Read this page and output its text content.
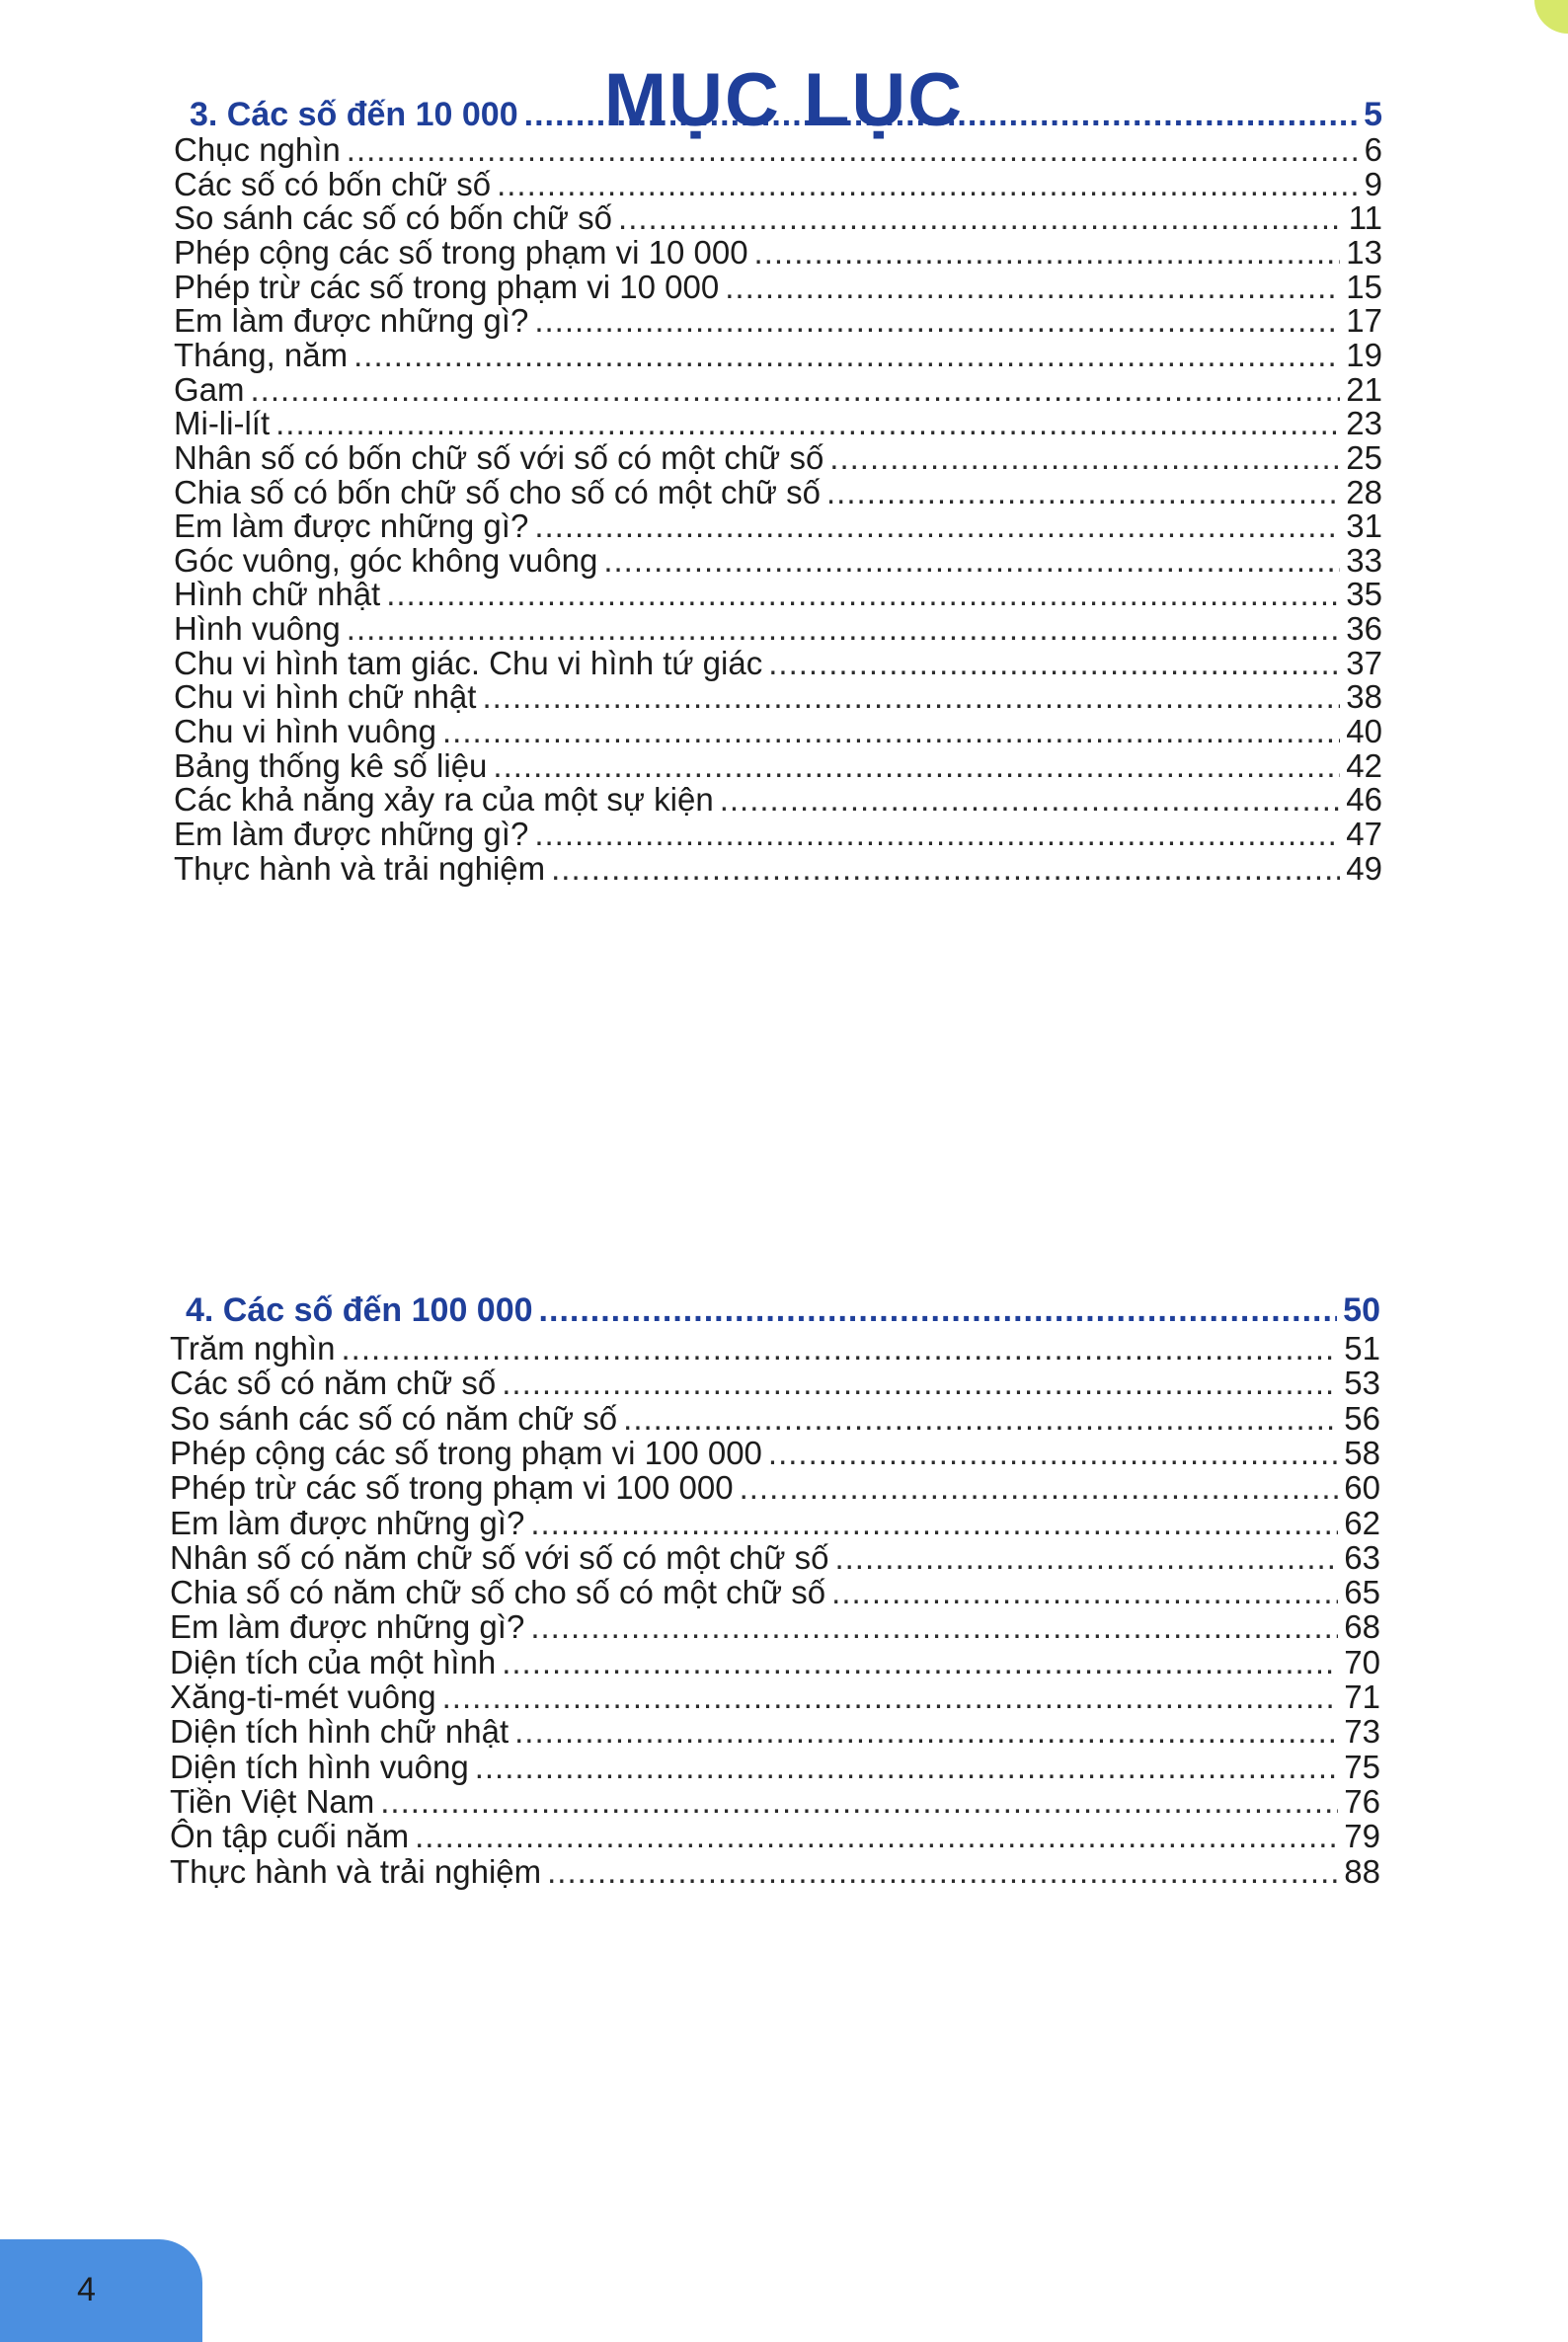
MỤC LỤC
3. Các số đến 10 000 .....	5
Chục nghìn .....	6
Các số có bốn chữ số .....	9
So sánh các số có bốn chữ số .....	11
Phép cộng các số trong phạm vi 10 000 .....	13
Phép trừ các số trong phạm vi 10 000 .....	15
Em làm được những gì? .....	17
Tháng, năm .....	19
Gam .....	21
Mi-li-lít .....	23
Nhân số có bốn chữ số với số có một chữ số .....	25
Chia số có bốn chữ số cho số có một chữ số .....	28
Em làm được những gì? .....	31
Góc vuông, góc không vuông .....	33
Hình chữ nhật .....	35
Hình vuông .....	36
Chu vi hình tam giác. Chu vi hình tứ giác .....	37
Chu vi hình chữ nhật .....	38
Chu vi hình vuông .....	40
Bảng thống kê số liệu .....	42
Các khả năng xảy ra của một sự kiện .....	46
Em làm được những gì? .....	47
Thực hành và trải nghiệm .....	49
4. Các số đến 100 000 .....	50
Trăm nghìn .....	51
Các số có năm chữ số .....	53
So sánh các số có năm chữ số .....	56
Phép cộng các số trong phạm vi 100 000 .....	58
Phép trừ các số trong phạm vi 100 000 .....	60
Em làm được những gì? .....	62
Nhân số có năm chữ số với số có một chữ số .....	63
Chia số có năm chữ số cho số có một chữ số .....	65
Em làm được những gì? .....	68
Diện tích của một hình .....	70
Xăng-ti-mét vuông .....	71
Diện tích hình chữ nhật .....	73
Diện tích hình vuông .....	75
Tiền Việt Nam .....	76
Ôn tập cuối năm .....	79
Thực hành và trải nghiệm .....	88
4
